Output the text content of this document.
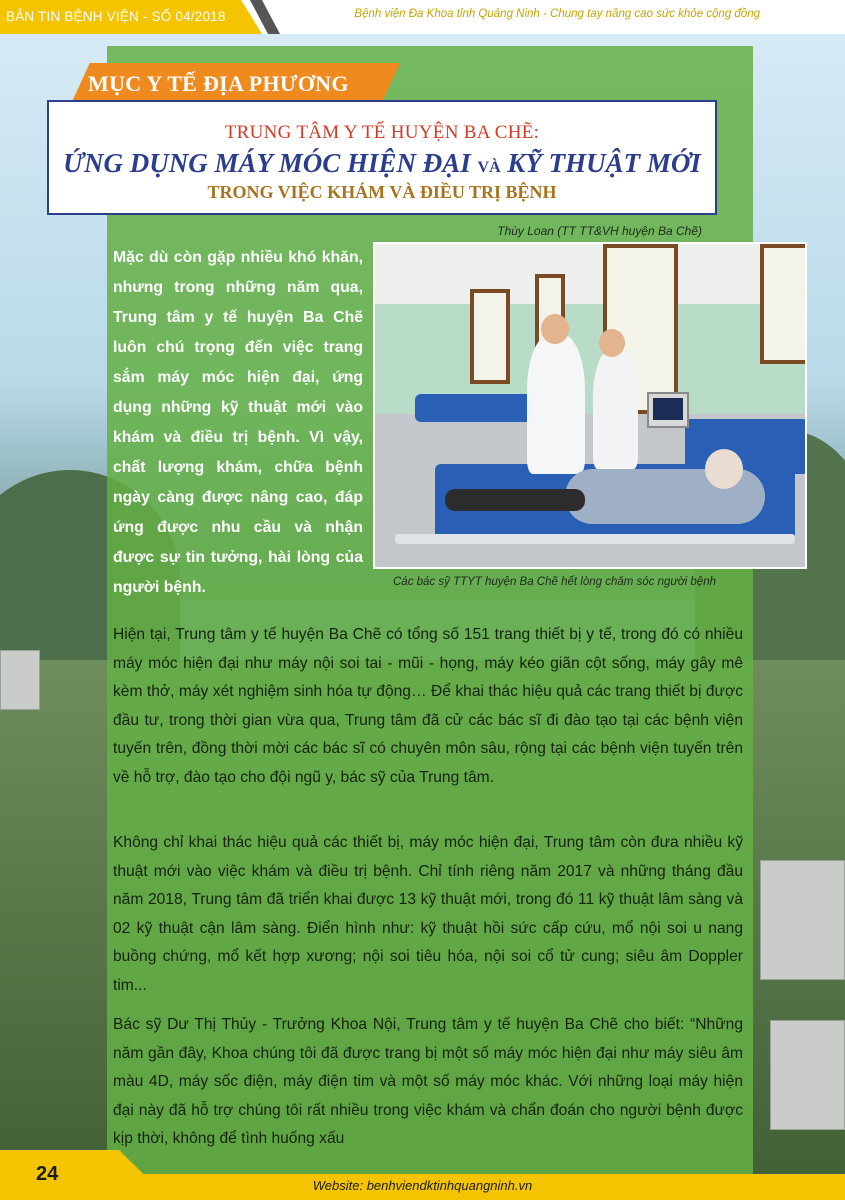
BẢN TIN BỆNH VIỆN - SỐ 04/2018	Bệnh viện Đa Khoa tỉnh Quảng Ninh - Chung tay nâng cao sức khỏe cộng đồng
MỤC Y TẾ ĐỊA PHƯƠNG
TRUNG TÂM Y TẾ HUYỆN BA CHẼ:
ỨNG DỤNG MÁY MÓC HIỆN ĐẠI VÀ KỸ THUẬT MỚI
TRONG VIỆC KHÁM VÀ ĐIỀU TRỊ BỆNH
Thùy Loan (TT TT&VH huyện Ba Chẽ)
Các bác sỹ TTYT huyện Ba Chẽ hết lòng chăm sóc người bệnh
Mặc dù còn gặp nhiều khó khăn, nhưng trong những năm qua, Trung tâm y tế huyện Ba Chẽ luôn chú trọng đến việc trang sắm máy móc hiện đại, ứng dụng những kỹ thuật mới vào khám và điều trị bệnh. Vì vậy, chất lượng khám, chữa bệnh ngày càng được nâng cao, đáp ứng được nhu cầu và nhận được sự tin tưởng, hài lòng của người bệnh.
Hiện tại, Trung tâm y tế huyện Ba Chẽ có tổng số 151 trang thiết bị y tế, trong đó có nhiều máy móc hiện đại như máy nội soi tai - mũi - họng, máy kéo giãn cột sống, máy gây mê kèm thở, máy xét nghiệm sinh hóa tự động… Để khai thác hiệu quả các trang thiết bị được đầu tư, trong thời gian vừa qua, Trung tâm đã cử các bác sĩ đi đào tạo tại các bệnh viện tuyến trên, đồng thời mời các bác sĩ có chuyên môn sâu, rộng tại các bệnh viện tuyến trên về hỗ trợ, đào tạo cho đội ngũ y, bác sỹ của Trung tâm.
Không chỉ khai thác hiệu quả các thiết bị, máy móc hiện đại, Trung tâm còn đưa nhiều kỹ thuật mới vào việc khám và điều trị bệnh. Chỉ tính riêng năm 2017 và những tháng đầu năm 2018, Trung tâm đã triển khai được 13 kỹ thuật mới, trong đó 11 kỹ thuật lâm sàng và 02 kỹ thuật cận lâm sàng. Điển hình như: kỹ thuật hồi sức cấp cứu, mổ nội soi u nang buồng chứng, mổ kết hợp xương; nội soi tiêu hóa, nội soi cổ tử cung; siêu âm Doppler tim...
Bác sỹ Dư Thị Thủy - Trưởng Khoa Nội, Trung tâm y tế huyện Ba Chẽ cho biết: “Những năm gần đây, Khoa chúng tôi đã được trang bị một số máy móc hiện đại như máy siêu âm màu 4D, máy sốc điện, máy điện tim và một số máy móc khác. Với những loại máy hiện đại này đã hỗ trợ chúng tôi rất nhiều trong việc khám và chẩn đoán cho người bệnh được kịp thời, không để tình huống xấu
24
Website: benhviendktinhquangninh.vn
